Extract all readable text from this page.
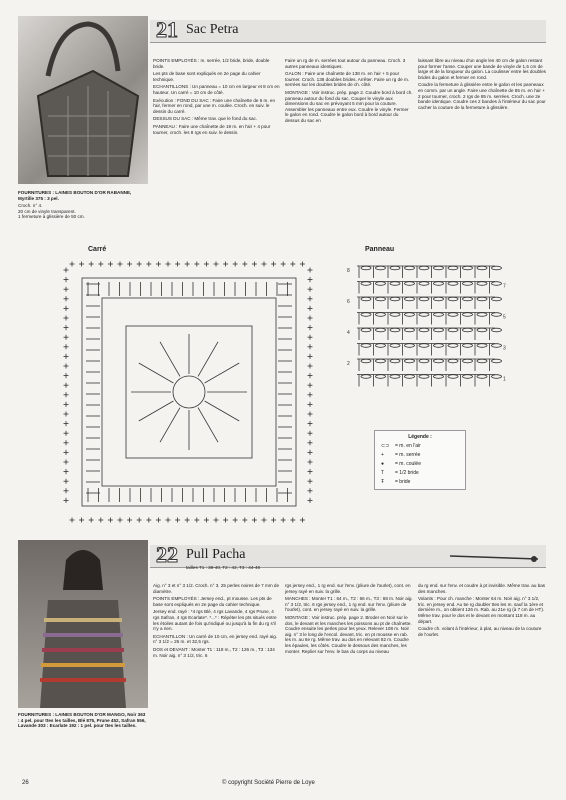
21 Sac Petra

FOURNITURES : LAINES BOUTON D'OR RABANNE, Myrtille 375 : 3 pel.

Croch. n° 4.
20 cm de vinyle transparent.
1 fermeture à glissière de 50 cm.

POINTS EMPLOYÉS : m. serrée, 1/2 bride, bride, double bride.

Les pts de base sont expliqués en 2e page du cahier technique.

ECHANTILLONS : Un panneau = 10 cm en largeur et 8 cm en hauteur. Un carré = 10 cm de côté.

Exécution : FOND DU SAC : Faire une chaînette de 6 m. en l'air, fermer en rond, par une m. coulée. Croch. en suiv. le dessin du carré.

DESSUS DU SAC : Même trav. que le fond du sac.

PANNEAU : Faire une chaînette de 19 m. en l'air + 4 pour tourner, croch. les 8 rgs en suiv. le dessin.

Faire un rg de m. serrées tout autour du panneau. Croch. 3 autres panneaux identiques.

GALON : Faire une chaînette de 138 m. en l'air + 5 pour tourner. Croch. 138 doubles brides. Arrêter. Faire un rg de m. serrées sur les doubles brides de ch. côté.

MONTAGE : Voir instruc. prép. page 2. Coudre bord à bord ch. panneau autour du fond du sac. Couper le vinyle aux dimensions du sac en prévoyant 5 mm pour la couture. Assembler les panneaux entre eux. Coudre le vinyle. Fermer le galon en rond. Coudre le galon bord à bord autour du dessus du sac en

laissant libre au niveau d'un angle les 40 cm de galon restant pour former l'anse. Couper une bande de vinyle de 1,5 cm de large et de la longueur du galon. La coulisser entre les doubles brides du galon et fermer en rond.

Coudre la fermeture à glissière entre le galon et les panneaux en comm. par un angle. Faire une chaînette de 85 m. en l'air + 2 pour tourner, croch. 2 rgs de 85 m. serrées. Croch. une 2e bande identique. Coudre ces 2 bandes à l'intérieur du sac pour cacher la couture de la fermeture à glissière.

Carré	Panneau
8
7
6
5
4
3
2
1
Légende :
⊂⊃ = m. en l'air
+ = m. serrée
● = m. coulée
T = 1/2 bride
Ŧ = bride
22 Pull Pacha
tailles T1 : 38-40, T2 : 42, T3 : 44-46

FOURNITURES : LAINES BOUTON D'OR MANGO, Noir 363 : 4 pel. pour ttes les tailles, Blé 875, Prune 452, Safran 556, Lavande 303 : Ecarlate 192 : 1 pel. pour ttes les tailles.

Aig. n° 3 et n° 3 1/2. Croch. n° 3. 25 perles noires de 7 mm de diamètre.

POINTS EMPLOYÉS : Jersey end., pt mousse. Les pts de base sont expliqués en 2e page du cahier technique.

Jersey end. rayé : *4 rgs Blé, 4 rgs Lavande, 4 rgs Prune, 4 rgs Safran, 4 rgs Ecarlate*. *...* : Répéter les pts situés entre les étoiles autant de fois qu'indiqué ou jusqu'à la fin du rg s'il n'y a rien.

ECHANTILLON : Un carré de 10 cm, en jersey end. rayé aig. n° 3 1/2 = 26 m. et 32,5 rgs.

DOS et DEVANT : Monter T1 : 118 m., T2 : 126 m., T3 : 134 m. Noir aig. n° 3 1/2, tric. 6

rgs jersey end., 1 rg end. sur l'env. (pliure de l'ourlet), cont. en jersey rayé en suiv. la grille.

MANCHES : Monter T1 : 64 m., T2 : 66 m., T3 : 68 m. Noir aig. n° 3 1/2, tric. 6 rgs jersey end., 1 rg end. sur l'env. (pliure de l'ourlet), cont. en jersey rayé en suiv. la grille.

MONTAGE : Voir instruc. prép. page 2. Broder en Noir sur le dos, le devant et les manches les poissons au pt de chaînette. Coudre ensuite les perles pour les yeux. Relever 108 m. Noir aig. n° 3 le long de l'encol. devant, tric. en pt mousse en rab. les m. au 6e rg. Même trav. au dos en relevant 82 m. Coudre les épaules, les côtés. Coudre le dessous des manches, les monter. Replier sur l'env. le bas du corps au niveau

du rg end. sur l'env. et coudre à pt invisible. Même trav. au bas des manches.

Volants : Pour ch. manche : Monter 64 m. Noir aig. n° 3 1/2, tric. en jersey end. Au 5e rg doubler ttes les m. sauf la 1ère et dernière m., on obtient 126 m. Rab. au 21e rg (à 7 cm de HT). Même trav. pour le dos et le devant en montant 118 m. au départ.

Coudre ch. volant à l'intérieur, à plat, au niveau de la couture de l'ourlet.

26	© copyright Société Pierre de Loye
